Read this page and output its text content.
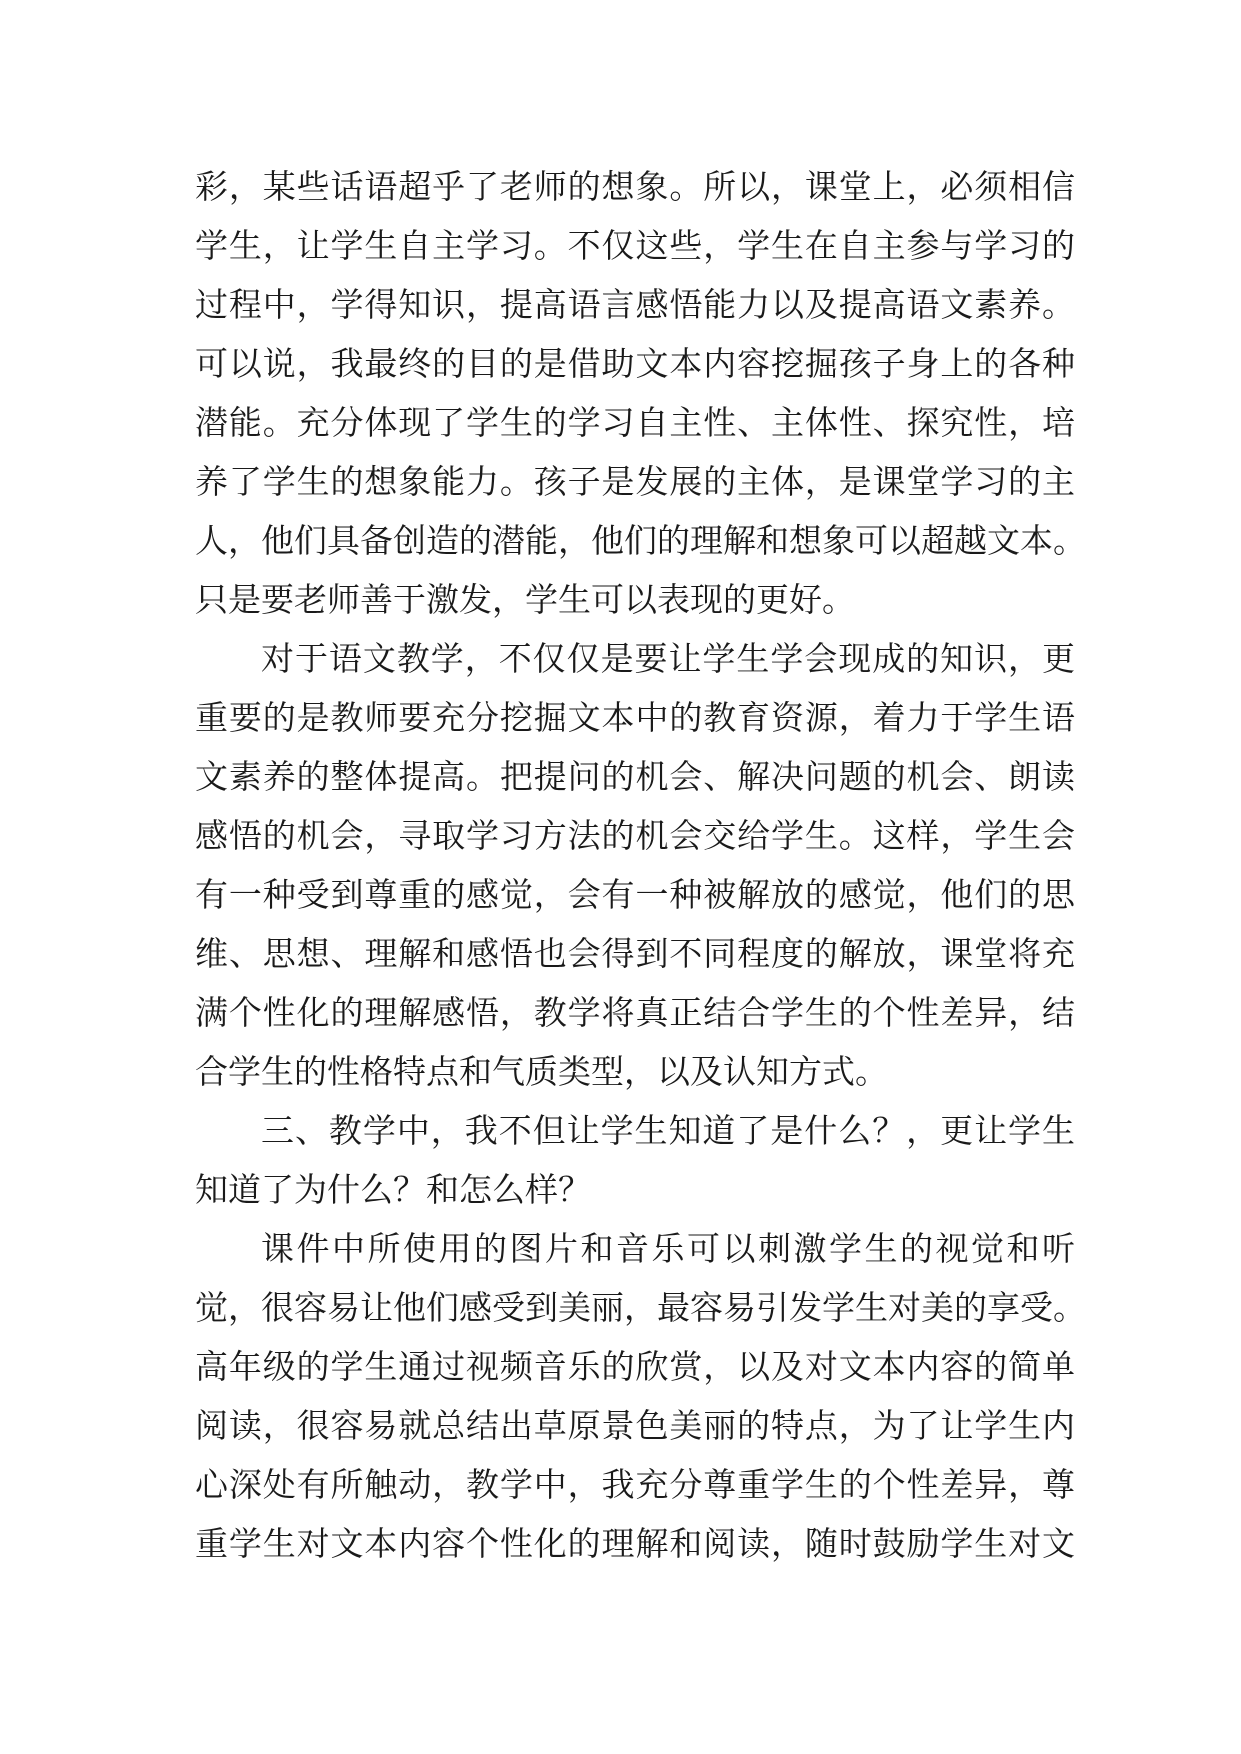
彩，某些话语超乎了老师的想象。所以，课堂上，必须相信
学生，让学生自主学习。不仅这些，学生在自主参与学习的
过程中，学得知识，提高语言感悟能力以及提高语文素养。
可以说，我最终的目的是借助文本内容挖掘孩子身上的各种
潜能。充分体现了学生的学习自主性、主体性、探究性，培
养了学生的想象能力。孩子是发展的主体，是课堂学习的主
人，他们具备创造的潜能，他们的理解和想象可以超越文本。
只是要老师善于激发，学生可以表现的更好。
对于语文教学，不仅仅是要让学生学会现成的知识，更
重要的是教师要充分挖掘文本中的教育资源，着力于学生语
文素养的整体提高。把提问的机会、解决问题的机会、朗读
感悟的机会，寻取学习方法的机会交给学生。这样，学生会
有一种受到尊重的感觉，会有一种被解放的感觉，他们的思
维、思想、理解和感悟也会得到不同程度的解放，课堂将充
满个性化的理解感悟，教学将真正结合学生的个性差异，结
合学生的性格特点和气质类型，以及认知方式。
三、教学中，我不但让学生知道了是什么？，更让学生
知道了为什么？和怎么样？
课件中所使用的图片和音乐可以刺激学生的视觉和听
觉，很容易让他们感受到美丽，最容易引发学生对美的享受。
高年级的学生通过视频音乐的欣赏，以及对文本内容的简单
阅读，很容易就总结出草原景色美丽的特点，为了让学生内
心深处有所触动，教学中，我充分尊重学生的个性差异，尊
重学生对文本内容个性化的理解和阅读，随时鼓励学生对文
